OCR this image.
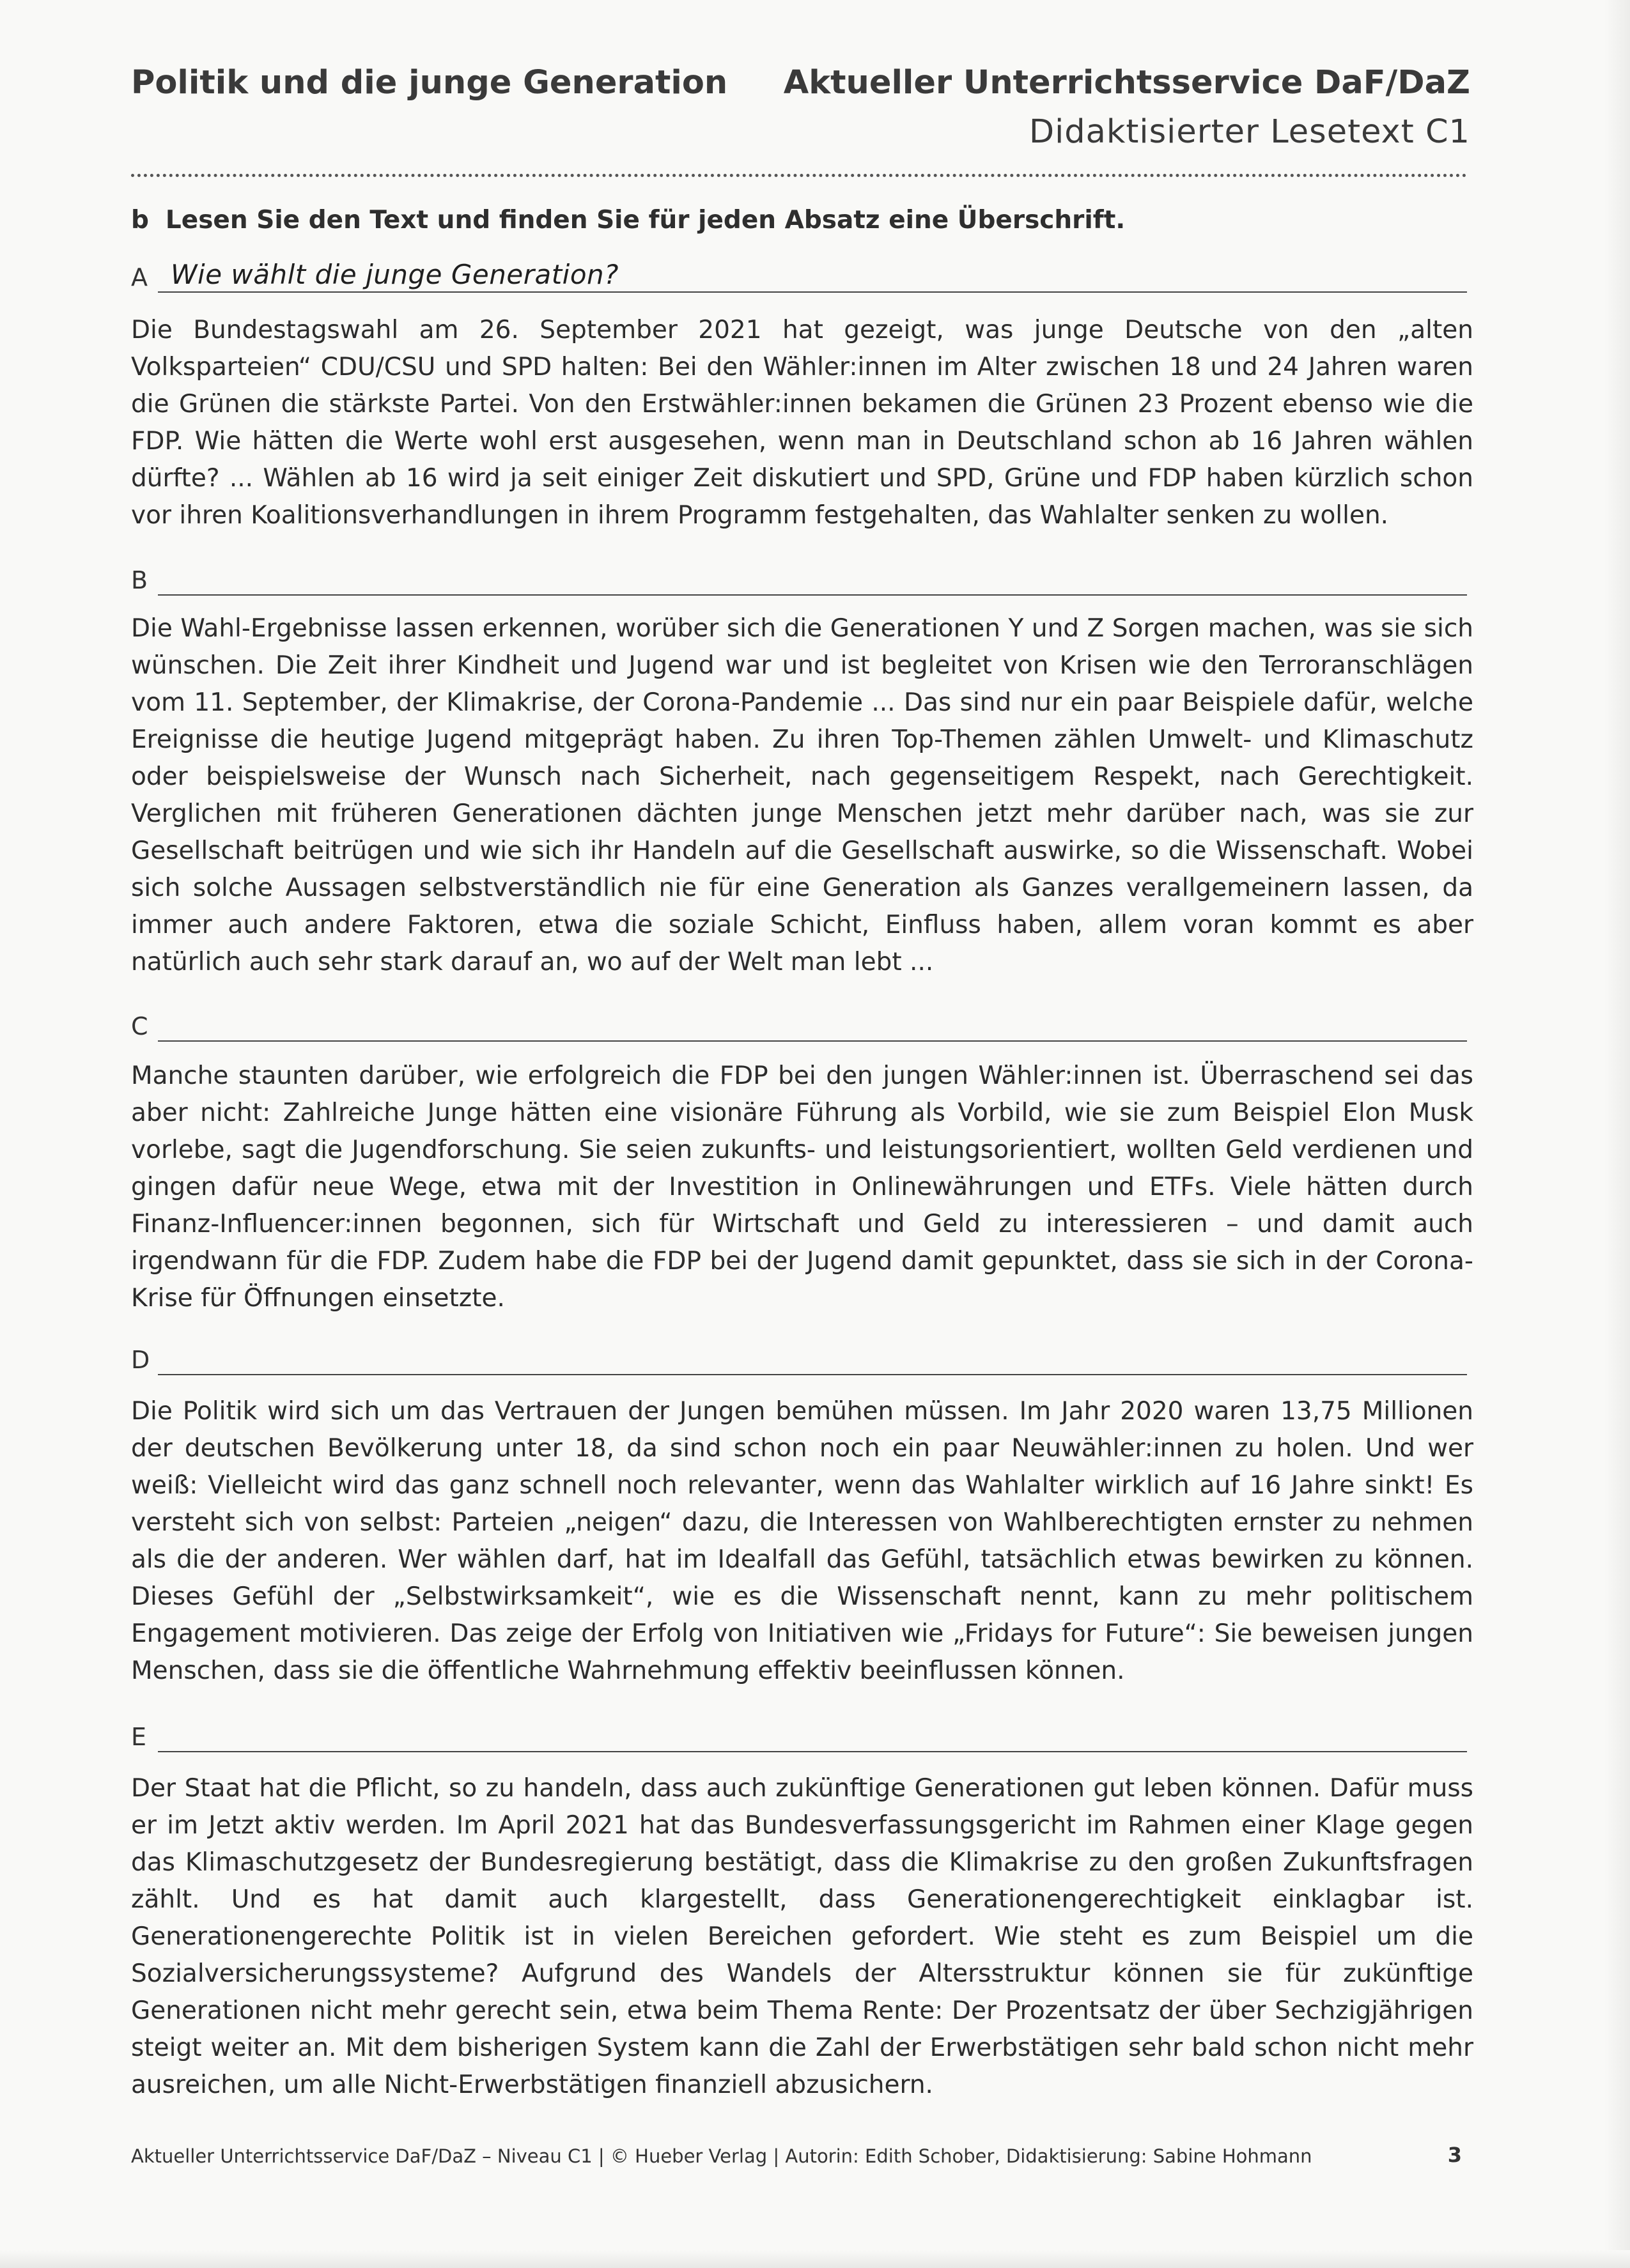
Politik und die junge Generation Aktueller Unterrichtsservice DaF/DaZ
Didaktisierter Lesetext C1
b Lesen Sie den Text und finden Sie für jeden Absatz eine Überschrift.
A Wie wählt die junge Generation?
Die Bundestagswahl am 26. September 2021 hat gezeigt, was junge Deutsche von den „alten Volksparteien“ CDU/CSU und SPD halten: Bei den Wähler:innen im Alter zwischen 18 und 24 Jahren waren die Grünen die stärkste Partei. Von den Erstwähler:innen bekamen die Grünen 23 Prozent ebenso wie die FDP. Wie hätten die Werte wohl erst ausgesehen, wenn man in Deutschland schon ab 16 Jahren wählen dürfte? ... Wählen ab 16 wird ja seit einiger Zeit diskutiert und SPD, Grüne und FDP haben kürzlich schon vor ihren Koalitionsverhandlungen in ihrem Programm festgehalten, das Wahlalter senken zu wollen.
B
Die Wahl-Ergebnisse lassen erkennen, worüber sich die Generationen Y und Z Sorgen machen, was sie sich wünschen. Die Zeit ihrer Kindheit und Jugend war und ist begleitet von Krisen wie den Terroranschlägen vom 11. September, der Klimakrise, der Corona-Pandemie ... Das sind nur ein paar Beispiele dafür, welche Ereignisse die heutige Jugend mitgeprägt haben. Zu ihren Top-Themen zählen Umwelt- und Klimaschutz oder beispielsweise der Wunsch nach Sicherheit, nach gegenseitigem Respekt, nach Gerechtigkeit. Verglichen mit früheren Generationen dächten junge Menschen jetzt mehr darüber nach, was sie zur Gesellschaft beitrügen und wie sich ihr Handeln auf die Gesellschaft auswirke, so die Wissenschaft. Wobei sich solche Aussagen selbstverständlich nie für eine Generation als Ganzes verallgemeinern lassen, da immer auch andere Faktoren, etwa die soziale Schicht, Einfluss haben, allem voran kommt es aber natürlich auch sehr stark darauf an, wo auf der Welt man lebt ...
C
Manche staunten darüber, wie erfolgreich die FDP bei den jungen Wähler:innen ist. Überraschend sei das aber nicht: Zahlreiche Junge hätten eine visionäre Führung als Vorbild, wie sie zum Beispiel Elon Musk vorlebe, sagt die Jugendforschung. Sie seien zukunfts- und leistungsorientiert, wollten Geld verdienen und gingen dafür neue Wege, etwa mit der Investition in Onlinewährungen und ETFs. Viele hätten durch Finanz-Influencer:innen begonnen, sich für Wirtschaft und Geld zu interessieren – und damit auch irgendwann für die FDP. Zudem habe die FDP bei der Jugend damit gepunktet, dass sie sich in der Corona-Krise für Öffnungen einsetzte.
D
Die Politik wird sich um das Vertrauen der Jungen bemühen müssen. Im Jahr 2020 waren 13,75 Millionen der deutschen Bevölkerung unter 18, da sind schon noch ein paar Neuwähler:innen zu holen. Und wer weiß: Vielleicht wird das ganz schnell noch relevanter, wenn das Wahlalter wirklich auf 16 Jahre sinkt! Es versteht sich von selbst: Parteien „neigen“ dazu, die Interessen von Wahlberechtigten ernster zu nehmen als die der anderen. Wer wählen darf, hat im Idealfall das Gefühl, tatsächlich etwas bewirken zu können. Dieses Gefühl der „Selbstwirksamkeit“, wie es die Wissenschaft nennt, kann zu mehr politischem Engagement motivieren. Das zeige der Erfolg von Initiativen wie „Fridays for Future“: Sie beweisen jungen Menschen, dass sie die öffentliche Wahrnehmung effektiv beeinflussen können.
E
Der Staat hat die Pflicht, so zu handeln, dass auch zukünftige Generationen gut leben können. Dafür muss er im Jetzt aktiv werden. Im April 2021 hat das Bundesverfassungsgericht im Rahmen einer Klage gegen das Klimaschutzgesetz der Bundesregierung bestätigt, dass die Klimakrise zu den großen Zukunftsfragen zählt. Und es hat damit auch klargestellt, dass Generationengerechtigkeit einklagbar ist. Generationengerechte Politik ist in vielen Bereichen gefordert. Wie steht es zum Beispiel um die Sozialversicherungssysteme? Aufgrund des Wandels der Altersstruktur können sie für zukünftige Generationen nicht mehr gerecht sein, etwa beim Thema Rente: Der Prozentsatz der über Sechzigjährigen steigt weiter an. Mit dem bisherigen System kann die Zahl der Erwerbstätigen sehr bald schon nicht mehr ausreichen, um alle Nicht-Erwerbstätigen finanziell abzusichern.
Aktueller Unterrichtsservice DaF/DaZ – Niveau C1 | © Hueber Verlag | Autorin: Edith Schober, Didaktisierung: Sabine Hohmann	3
